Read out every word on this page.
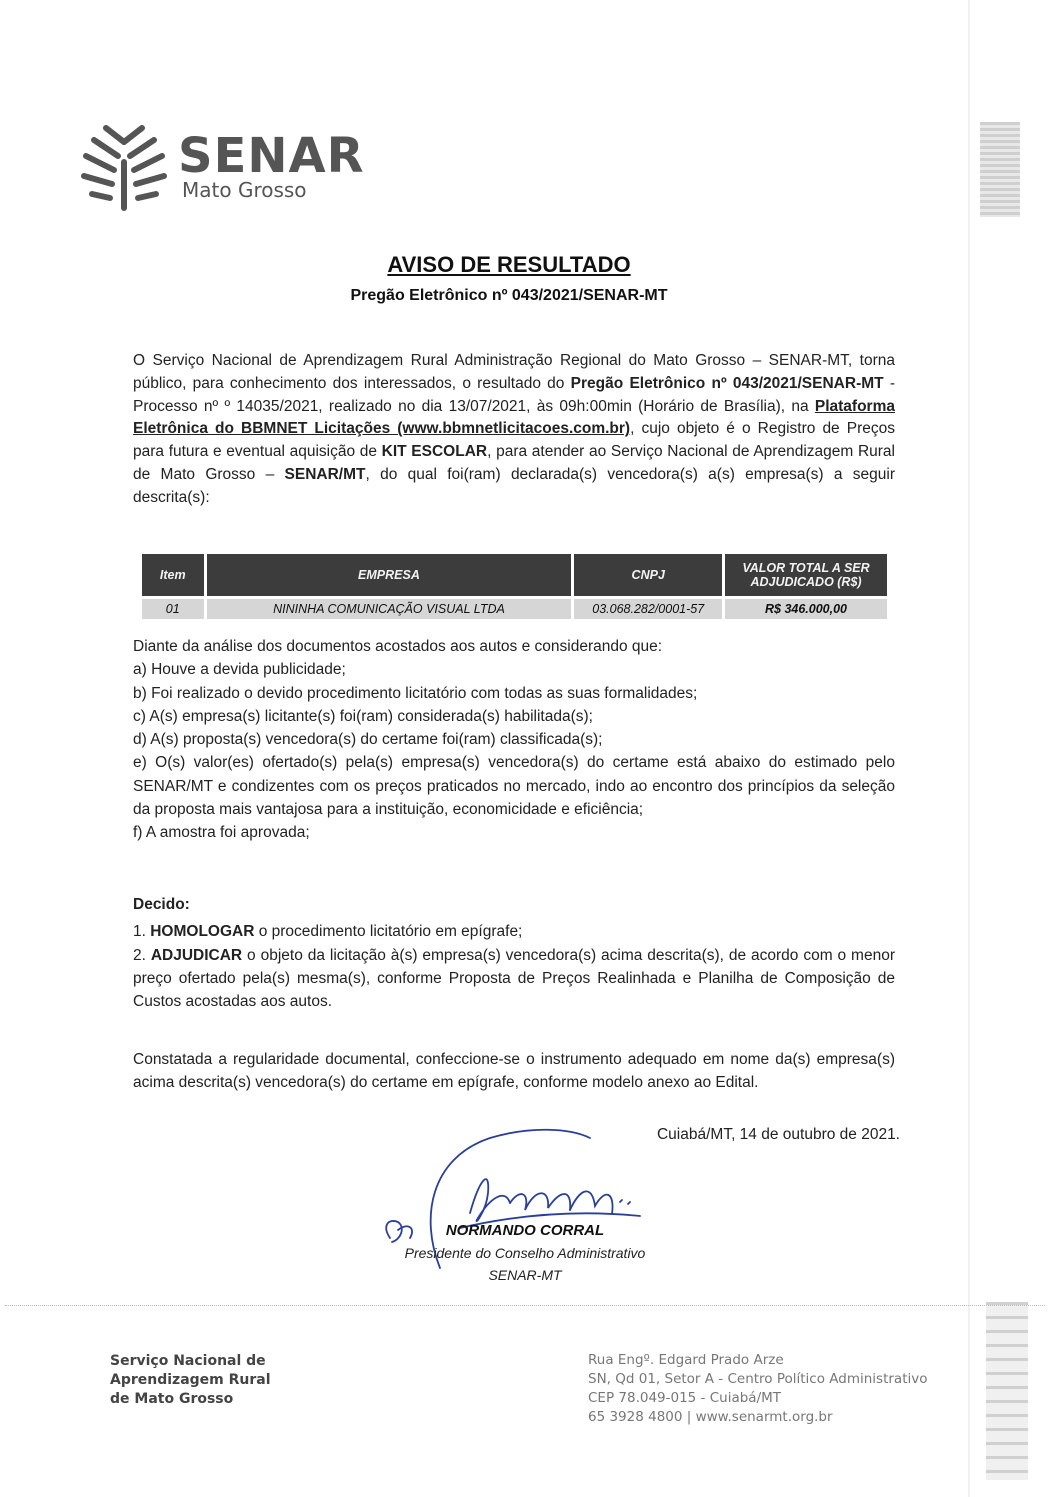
SENAR
Mato Grosso
AVISO DE RESULTADO
Pregão Eletrônico nº 043/2021/SENAR-MT
O Serviço Nacional de Aprendizagem Rural Administração Regional do Mato Grosso – SENAR-MT, torna público, para conhecimento dos interessados, o resultado do Pregão Eletrônico nº 043/2021/SENAR-MT - Processo nº º 14035/2021, realizado no dia 13/07/2021, às 09h:00min (Horário de Brasília), na Plataforma Eletrônica do BBMNET Licitações (www.bbmnetlicitacoes.com.br), cujo objeto é o Registro de Preços para futura e eventual aquisição de KIT ESCOLAR, para atender ao Serviço Nacional de Aprendizagem Rural de Mato Grosso – SENAR/MT, do qual foi(ram) declarada(s) vencedora(s) a(s) empresa(s) a seguir descrita(s):
Item	EMPRESA	CNPJ	VALOR TOTAL A SER ADJUDICADO (R$)
01	NININHA COMUNICAÇÃO VISUAL LTDA	03.068.282/0001-57	R$ 346.000,00
Diante da análise dos documentos acostados aos autos e considerando que:
a) Houve a devida publicidade;
b) Foi realizado o devido procedimento licitatório com todas as suas formalidades;
c) A(s) empresa(s) licitante(s) foi(ram) considerada(s) habilitada(s);
d) A(s) proposta(s) vencedora(s) do certame foi(ram) classificada(s);
e) O(s) valor(es) ofertado(s) pela(s) empresa(s) vencedora(s) do certame está abaixo do estimado pelo SENAR/MT e condizentes com os preços praticados no mercado, indo ao encontro dos princípios da seleção da proposta mais vantajosa para a instituição, economicidade e eficiência;
f) A amostra foi aprovada;
Decido:
1. HOMOLOGAR o procedimento licitatório em epígrafe;
2. ADJUDICAR o objeto da licitação à(s) empresa(s) vencedora(s) acima descrita(s), de acordo com o menor preço ofertado pela(s) mesma(s), conforme Proposta de Preços Realinhada e Planilha de Composição de Custos acostadas aos autos.
Constatada a regularidade documental, confeccione-se o instrumento adequado em nome da(s) empresa(s) acima descrita(s) vencedora(s) do certame em epígrafe, conforme modelo anexo ao Edital.
Cuiabá/MT, 14 de outubro de 2021.
NORMANDO CORRAL
Presidente do Conselho Administrativo
SENAR-MT
Serviço Nacional de
Aprendizagem Rural
de Mato Grosso
Rua Engº. Edgard Prado Arze
SN, Qd 01, Setor A - Centro Político Administrativo
CEP 78.049-015 - Cuiabá/MT
65 3928 4800 | www.senarmt.org.br
